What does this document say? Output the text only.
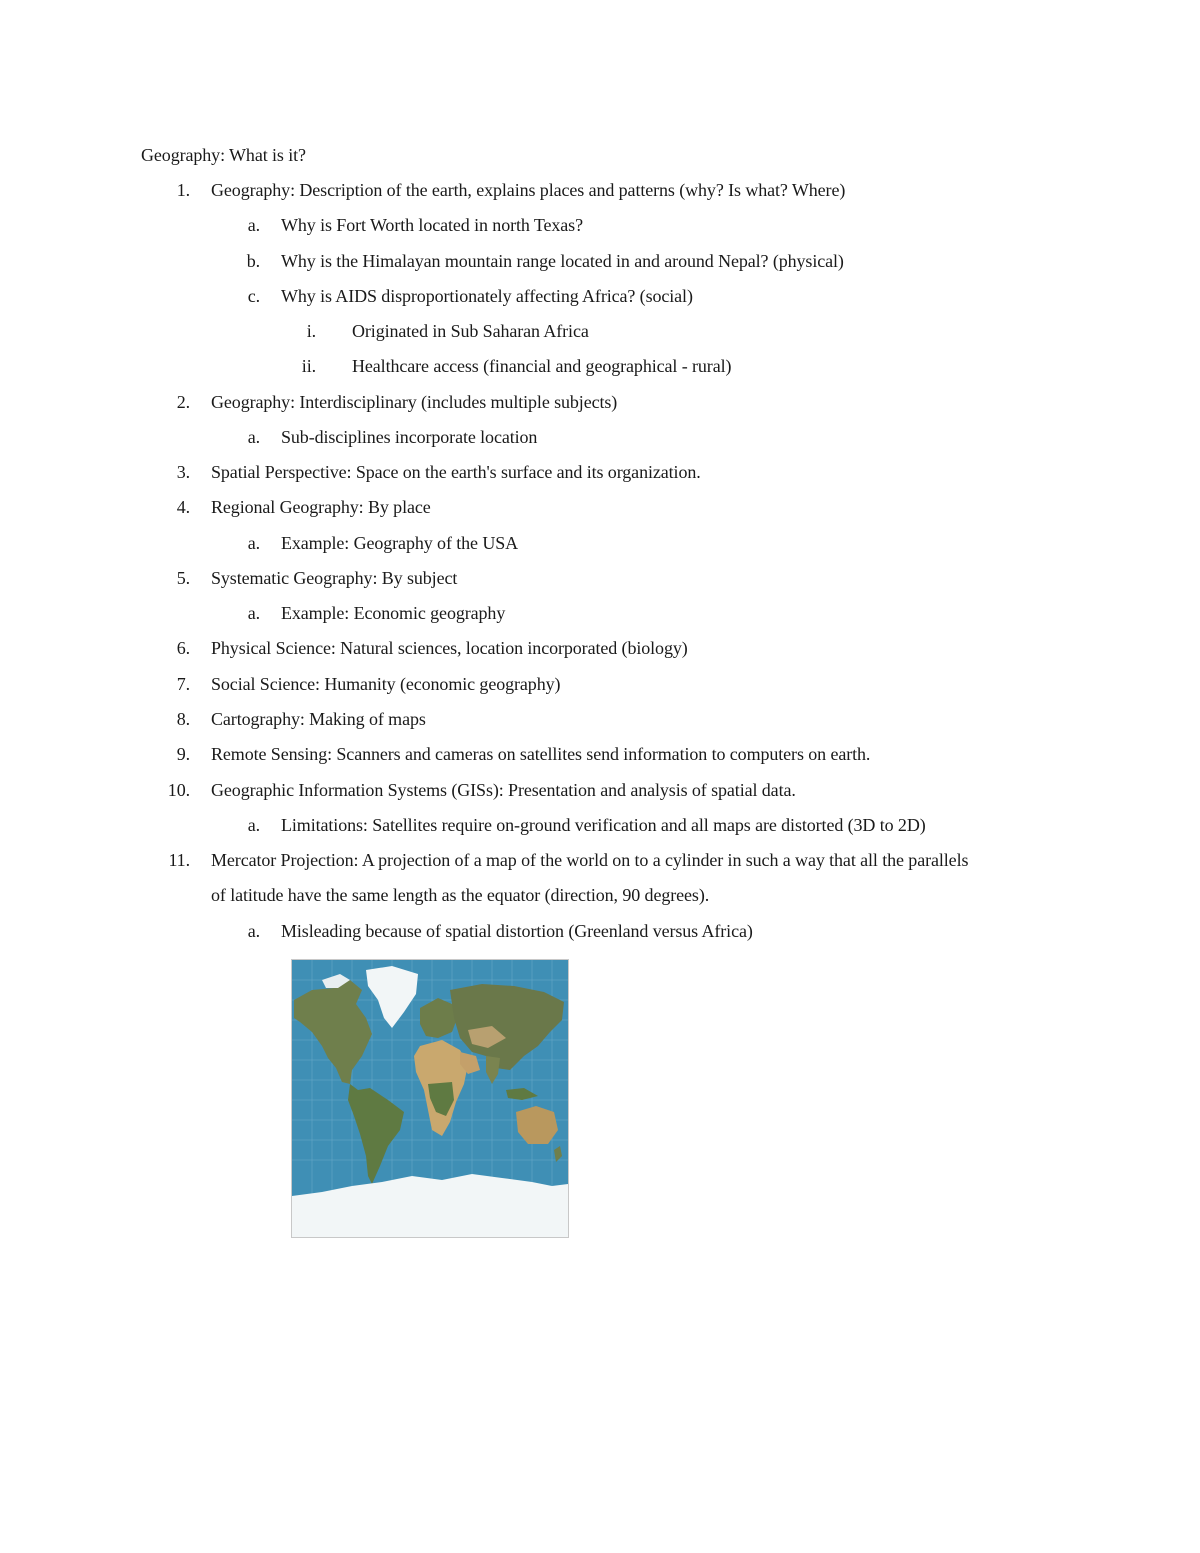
Geography: What is it?
1. Geography: Description of the earth, explains places and patterns (why? Is what? Where)
a. Why is Fort Worth located in north Texas?
b. Why is the Himalayan mountain range located in and around Nepal? (physical)
c. Why is AIDS disproportionately affecting Africa? (social)
i. Originated in Sub Saharan Africa
ii. Healthcare access (financial and geographical - rural)
2. Geography: Interdisciplinary (includes multiple subjects)
a. Sub-disciplines incorporate location
3. Spatial Perspective: Space on the earth's surface and its organization.
4. Regional Geography: By place
a. Example: Geography of the USA
5. Systematic Geography: By subject
a. Example: Economic geography
6. Physical Science: Natural sciences, location incorporated (biology)
7. Social Science: Humanity (economic geography)
8. Cartography: Making of maps
9. Remote Sensing: Scanners and cameras on satellites send information to computers on earth.
10. Geographic Information Systems (GISs): Presentation and analysis of spatial data.
a. Limitations: Satellites require on-ground verification and all maps are distorted (3D to 2D)
11. Mercator Projection: A projection of a map of the world on to a cylinder in such a way that all the parallels
of latitude have the same length as the equator (direction, 90 degrees).
a. Misleading because of spatial distortion (Greenland versus Africa)
